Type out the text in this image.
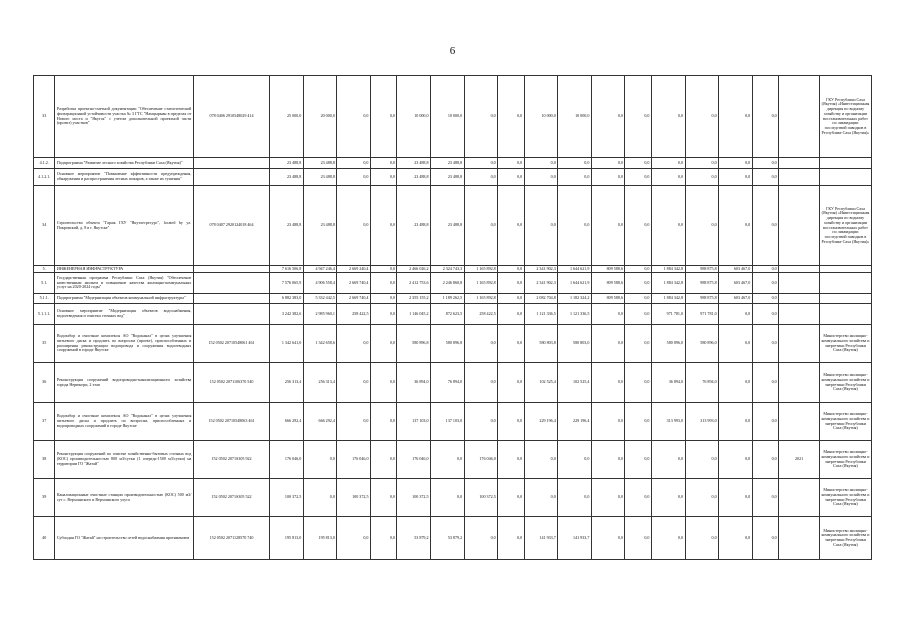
6
33	Разработка проектно-сметной документации "Обеспечение статистической фильтрационной устойчивости участка № 3 ГТС "Намцырыан в пределах от Нового моста и "Якутск" с учетом дополнительной проектной части (проект) участков"	078 0406 2910548029 414	25 000,0	20 000,0	0,0	0,0	10 000,0	10 000,0	0,0	0,0	10 000,0	10 000,0	0,0	0,0	0,0	0,0	0,0	0,0		ГКУ Республики Саха (Якутия) «Инвестиционная дирекция по водному хозяйству и организации восстановительных работ по ликвидации последствий паводков в Республике Саха (Якутия)»
4.1.2.	Подпрограмма "Развитие лесного хозяйства Республики Саха (Якутия)"		23 488,8	23 488,8	0,0	0,0	23 488,8	23 488,8	0,0	0,0	0,0	0,0	0,0	0,0	0,0	0,0	0,0	0,0		
4.1.2.1.	Основное мероприятие "Повышение эффективности предупреждения, обнаружения и распространения лесных пожаров, а также их тушения"		23 488,8	23 488,8	0,0	0,0	23 488,8	23 488,8	0,0	0,0	0,0	0,0	0,0	0,0	0,0	0,0	0,0	0,0		
34	Строительство объекта "Гараж ГБУ "Якутлесресурс", located by ул. Покровский, д. 8 в г. Якутске"	078 0407 2920124018 464	23 488,8	23 488,8	0,0	0,0	23 488,8	23 488,8	0,0	0,0	0,0	0,0	0,0	0,0	0,0	0,0	0,0	0,0		ГКУ Республики Саха (Якутия) «Инвестиционная дирекция по водному хозяйству и организации восстановительных работ по ликвидации последствий паводков в Республике Саха (Якутия)»
5.	ИНЖЕНЕРНАЯ ИНФРАСТРУКТУРА		7 616 506,8	4 947 246,4	2 669 240,4	0,0	2 466 026,2	2 324 743,3	1 165 892,8	0,0	2 341 902,3	1 644 621,9	809 588,6	0,0	1 884 342,8	988 875,8	603 467,0	0,0		
5.1.	Государственная программа Республики Саха (Якутия) "Обеспечение качественным жильем и повышение качества жилищно-коммунальных услуг на 2020-2024 годы"		7 576 065,9	4 906 558,4	2 669 740,4	0,0	2 412 753,6	2 246 860,8	1 165 892,8	0,0	2 341 902,3	1 644 621,9	809 588,6	0,0	1 884 342,8	988 875,8	603 467,0	0,0		
5.1.1.	Подпрограмма "Модернизация объектов коммунальной инфраструктуры"		6 882 383,0	5 332 442,5	2 669 740,4	0,0	2 355 155,2	1 189 262,5	1 165 892,8	0,0	2 082 704,8	1 182 324,2	809 588,6	0,0	1 884 342,8	988 875,8	603 467,0	0,0		
5.1.1.1.	Основное мероприятие "Модернизация объектов водоснабжения, водоотведения и очистки сточных вод"		3 242 382,6	2 985 960,1	258 422,5	0,0	1 146 045,2	872 623,5	258 422,5	0,0	1 121 336,5	1 121 336,5	0,0	0,0	971 781,0	971 781,0	0,0	0,0		
35	Водозабор и очистные комплексы АО "Водоканал" в целях улучшения питьевого диска и продлить по вопросам (проект), приспособленных и расширения реконструкции водопровода и сооружения водоотводных сооружений в городе Якутске	152 0502 20710548061 461	1 342 641,0	1 342 658,6	0,0	0,0	580 896,8	580 896,8	0,0	0,0	580 803,8	580 803,0	0,0	0,0	580 896,0	580 896,0	0,0	0,0		Министерство жилищно-коммунального хозяйства и энергетики Республики Саха (Якутия)
36	Реконструкция сооружений водопроводно-канализационного хозяйства города Нерюнгри, 2 этап	152 0502 2071106370 540	256 313,4	256 313,4	0,0	0,0	36 894,0	76 894,0	0,0	0,0	102 525,4	102 525,4	0,0	0,0	36 894,0	76 894,0	0,0	0,0		Министерство жилищно-коммунального хозяйства и энергетики Республики Саха (Якутия)
37	Водозабор и очистные комплексы АО "Водоканал" в целях улучшения питьевого диска и продлить по вопросам, приспособленных и водопроводных сооружений в городе Якутске	152 0502 20710548063 461	666 292,4	666 292,4	0,0	0,0	137 103,0	137 103,0	0,0	0,0	229 196,4	229 196,4	0,0	0,0	313 993,0	313 993,0	0,0	0,0		Министерство жилищно-коммунального хозяйства и энергетики Республики Саха (Якутия)
38	Реконструкция сооружений по очистке хозяйственно-бытовых сточных вод (КОС) производительностью 800 м3/сутки (1 очередь-1500 м3/сутки) на территории ГО "Жатай"	152 0502 2071S305 922	176 046,0	0,0	176 046,0	0,0	176 046,0	0,0	176 046,0	0,0	0,0	0,0	0,0	0,0	0,0	0,0	0,0	0,0	2021	Министерство жилищно-коммунального хозяйства и энергетики Республики Саха (Якутия)
39	Канализационные очистные станции производительностью (КОС) 500 м3/сут с. Верхоянского и Верхоянского улуса	152 0502 2071S305 522	100 372,5	0,0	100 372,5	0,0	100 372,5	0,0	100 372,5	0,0	0,0	0,0	0,0	0,0	0,0	0,0	0,0	0,0		Министерство жилищно-коммунального хозяйства и энергетики Республики Саха (Якутия)
40	Субсидия ГО "Жатай" на строительство сетей водоснабжения протяжением	152 0502 2071128570 740	195 813,0	195 813,0	0,0	0,0	53 879,2	53 879,2	0,0	0,0	141 933,7	141 933,7	0,0	0,0	0,0	0,0	0,0	0,0		Министерство жилищно-коммунального хозяйства и энергетики Республики Саха (Якутия)
